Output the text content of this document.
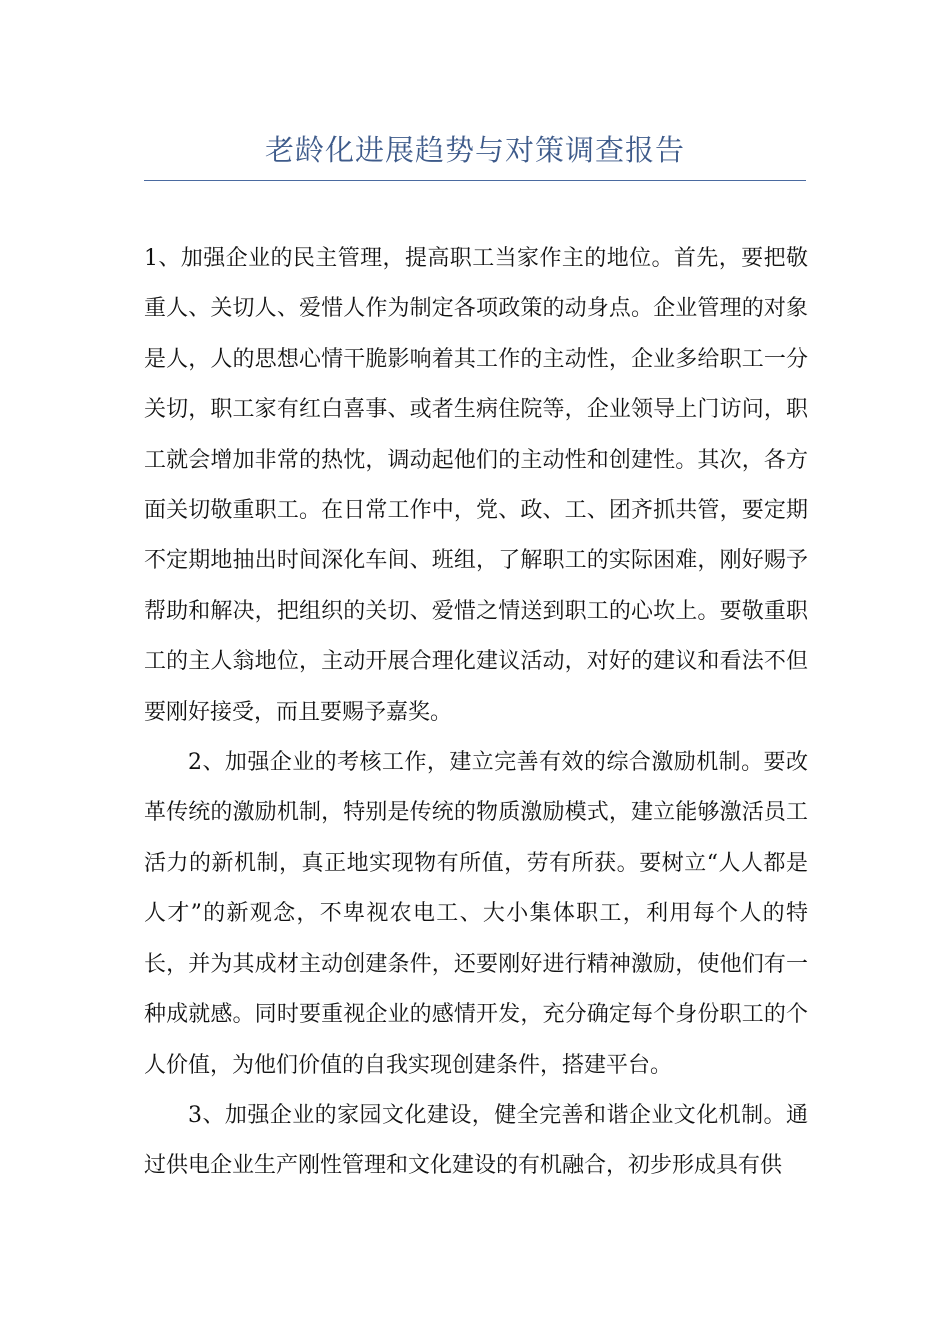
老龄化进展趋势与对策调查报告

1、加强企业的民主管理，提高职工当家作主的地位。首先，要把敬重人、关切人、爱惜人作为制定各项政策的动身点。企业管理的对象是人，人的思想心情干脆影响着其工作的主动性，企业多给职工一分关切，职工家有红白喜事、或者生病住院等，企业领导上门访问，职工就会增加非常的热忱，调动起他们的主动性和创建性。其次，各方面关切敬重职工。在日常工作中，党、政、工、团齐抓共管，要定期不定期地抽出时间深化车间、班组，了解职工的实际困难，刚好赐予帮助和解决，把组织的关切、爱惜之情送到职工的心坎上。要敬重职工的主人翁地位，主动开展合理化建议活动，对好的建议和看法不但要刚好接受，而且要赐予嘉奖。

2、加强企业的考核工作，建立完善有效的综合激励机制。要改革传统的激励机制，特别是传统的物质激励模式，建立能够激活员工活力的新机制，真正地实现物有所值，劳有所获。要树立“人人都是人才”的新观念，不卑视农电工、大小集体职工，利用每个人的特长，并为其成材主动创建条件，还要刚好进行精神激励，使他们有一种成就感。同时要重视企业的感情开发，充分确定每个身份职工的个人价值，为他们价值的自我实现创建条件，搭建平台。

3、加强企业的家园文化建设，健全完善和谐企业文化机制。通过供电企业生产刚性管理和文化建设的有机融合，初步形成具有供
